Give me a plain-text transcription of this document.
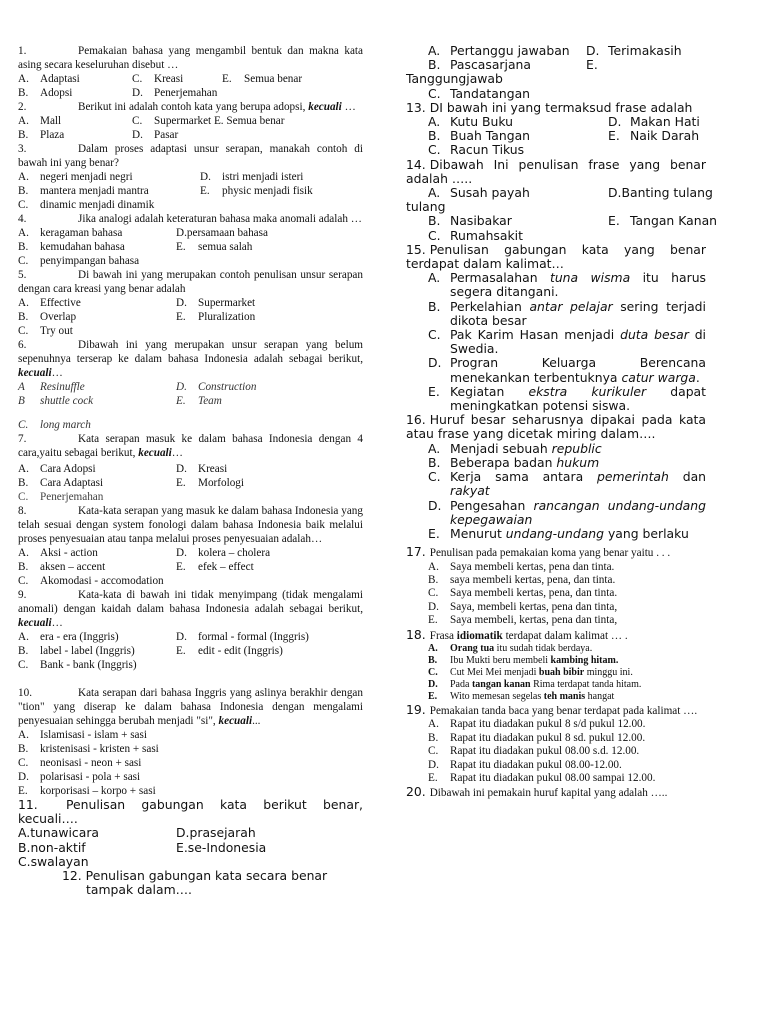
1.	Pemakaian bahasa yang mengambil bentuk dan makna kata asing secara keseluruhan disebut …
A. Adaptasi	C. Kreasi	E. Semua benar
B. Adopsi	D. Penerjemahan
2.	Berikut ini adalah contoh kata yang berupa adopsi, kecuali …
A. Mall	C. Supermarket E. Semua benar
B. Plaza	D. Pasar
3.	Dalam proses adaptasi unsur serapan, manakah contoh di bawah ini yang benar?
A. negeri menjadi negri	D. istri menjadi isteri
B. mantera menjadi mantra	E. physic menjadi fisik
C. dinamic menjadi dinamik
4.	Jika analogi adalah keteraturan bahasa maka anomali adalah …
A. keragaman bahasa	D.persamaan bahasa
B. kemudahan bahasa	E. semua salah
C. penyimpangan bahasa
5.	Di bawah ini yang merupakan contoh penulisan unsur serapan dengan cara kreasi yang benar adalah
A. Effective	D. Supermarket
B. Overlap	E. Pluralization
C. Try out
6.	Dibawah ini yang merupakan unsur serapan yang belum sepenuhnya terserap ke dalam bahasa Indonesia adalah sebagai berikut, kecuali…
A Resinuffle	D. Construction
B shuttle cock	E. Team
C. long march
7.	Kata serapan masuk ke dalam bahasa Indonesia dengan 4 cara,yaitu sebagai berikut, kecuali…
A. Cara Adopsi	D. Kreasi
B. Cara Adaptasi	E. Morfologi
C. Penerjemahan
8.	Kata-kata serapan yang masuk ke dalam bahasa Indonesia yang telah sesuai dengan system fonologi dalam bahasa Indonesia baik melalui proses penyesuaian atau tanpa melalui proses penyesuaian adalah…
A. Aksi - action	D. kolera – cholera
B. aksen – accent	E. efek – effect
C. Akomodasi - accomodation
9.	Kata-kata di bawah ini tidak menyimpang (tidak mengalami anomali) dengan kaidah dalam bahasa Indonesia adalah sebagai berikut, kecuali…
A. era - era (Inggris)	D. formal - formal (Inggris)
B. label - label (Inggris)	E. edit - edit (Inggris)
C. Bank - bank (Inggris)
10.	Kata serapan dari bahasa Inggris yang aslinya berakhir dengan "tion" yang diserap ke dalam bahasa Indonesia dengan mengalami penyesuaian sehingga berubah menjadi "si", kecuali...
A. Islamisasi - islam + sasi
B. kristenisasi - kristen + sasi
C. neonisasi - neon + sasi
D. polarisasi - pola + sasi
E. korporisasi – korpo + sasi
11. Penulisan gabungan kata berikut benar, kecuali….
A.tunawicara	D.prasejarah
B.non-aktif	E.se-Indonesia
C.swalayan
12. Penulisan gabungan kata secara benar tampak dalam….
A. Pertanggu jawaban	D. Terimakasih
B. Pascasarjana	E.
Tanggungjawab
C. Tandatangan
13. DI bawah ini yang termaksud frase adalah
A. Kutu Buku	D. Makan Hati
B. Buah Tangan	E. Naik Darah
C. Racun Tikus
14. Dibawah Ini penulisan frase yang benar adalah …..
A. Susah payah	D. Banting tulang
tulang
B. Nasibakar	E. Tangan Kanan
C. Rumahsakit
15. Penulisan gabungan kata yang benar terdapat dalam kalimat…
A. Permasalahan tuna wisma itu harus segera ditangani.
B. Perkelahian antar pelajar sering terjadi dikota besar
C. Pak Karim Hasan menjadi duta besar di Swedia.
D. Progran Keluarga Berencana menekankan terbentuknya catur warga.
E. Kegiatan ekstra kurikuler dapat meningkatkan potensi siswa.
16. Huruf besar seharusnya dipakai pada kata atau frase yang dicetak miring dalam….
A. Menjadi sebuah republic
B. Beberapa badan hukum
C. Kerja sama antara pemerintah dan rakyat
D. Pengesahan rancangan undang-undang kepegawaian
E. Menurut undang-undang yang berlaku
17. Penulisan pada pemakaian koma yang benar yaitu . . .
A. Saya membeli kertas, pena dan tinta.
B. saya membeli kertas, pena, dan tinta.
C. Saya membeli kertas, pena, dan tinta.
D. Saya, membeli kertas, pena dan tinta,
E. Saya membeli, kertas, pena dan tinta,
18. Frasa idiomatik terdapat dalam kalimat … .
A. Orang tua itu sudah tidak berdaya.
B. Ibu Mukti beru membeli kambing hitam.
C. Cut Mei Mei menjadi buah bibir minggu ini.
D. Pada tangan kanan Rima terdapat tanda hitam.
E. Wito memesan segelas teh manis hangat
19. Pemakaian tanda baca yang benar terdapat pada kalimat ….
A. Rapat itu diadakan pukul 8 s/d pukul 12.00.
B. Rapat itu diadakan pukul 8 sd. pukul 12.00.
C. Rapat itu diadakan pukul 08.00 s.d. 12.00.
D. Rapat itu diadakan pukul 08.00-12.00.
E. Rapat itu diadakan pukul 08.00 sampai 12.00.
20. Dibawah ini pemakain huruf kapital yang adalah …..
